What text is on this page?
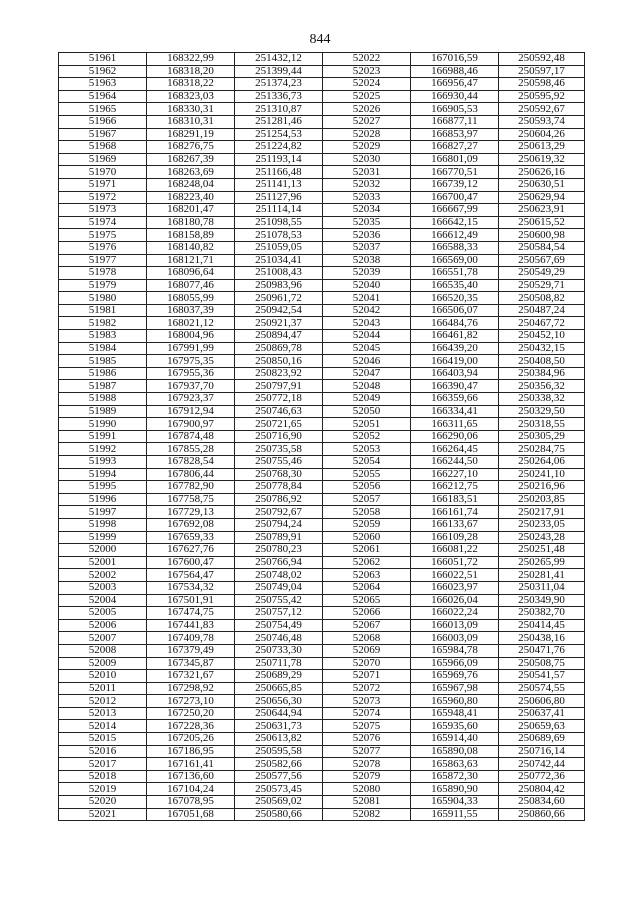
844
51961	168322,99	251432,12	52022	167016,59	250592,48
51962	168318,20	251399,44	52023	166988,46	250597,17
51963	168318,22	251374,23	52024	166956,47	250598,46
51964	168323,03	251336,73	52025	166930,44	250595,92
51965	168330,31	251310,87	52026	166905,53	250592,67
51966	168310,31	251281,46	52027	166877,11	250593,74
51967	168291,19	251254,53	52028	166853,97	250604,26
51968	168276,75	251224,82	52029	166827,27	250613,29
51969	168267,39	251193,14	52030	166801,09	250619,32
51970	168263,69	251166,48	52031	166770,51	250626,16
51971	168248,04	251141,13	52032	166739,12	250630,51
51972	168223,40	251127,96	52033	166700,47	250629,94
51973	168201,47	251114,14	52034	166667,99	250623,91
51974	168180,78	251098,55	52035	166642,15	250615,52
51975	168158,89	251078,53	52036	166612,49	250600,98
51976	168140,82	251059,05	52037	166588,33	250584,54
51977	168121,71	251034,41	52038	166569,00	250567,69
51978	168096,64	251008,43	52039	166551,78	250549,29
51979	168077,46	250983,96	52040	166535,40	250529,71
51980	168055,99	250961,72	52041	166520,35	250508,82
51981	168037,39	250942,54	52042	166506,07	250487,24
51982	168021,12	250921,37	52043	166484,76	250467,72
51983	168004,96	250894,47	52044	166461,82	250452,10
51984	167991,99	250869,78	52045	166439,20	250432,15
51985	167975,35	250850,16	52046	166419,00	250408,50
51986	167955,36	250823,92	52047	166403,94	250384,96
51987	167937,70	250797,91	52048	166390,47	250356,32
51988	167923,37	250772,18	52049	166359,66	250338,32
51989	167912,94	250746,63	52050	166334,41	250329,50
51990	167900,97	250721,65	52051	166311,65	250318,55
51991	167874,48	250716,90	52052	166290,06	250305,29
51992	167855,28	250735,58	52053	166264,45	250284,75
51993	167828,54	250755,46	52054	166244,50	250264,06
51994	167806,44	250768,30	52055	166227,10	250241,10
51995	167782,90	250778,84	52056	166212,75	250216,96
51996	167758,75	250786,92	52057	166183,51	250203,85
51997	167729,13	250792,67	52058	166161,74	250217,91
51998	167692,08	250794,24	52059	166133,67	250233,05
51999	167659,33	250789,91	52060	166109,28	250243,28
52000	167627,76	250780,23	52061	166081,22	250251,48
52001	167600,47	250766,94	52062	166051,72	250265,99
52002	167564,47	250748,02	52063	166022,51	250281,41
52003	167534,32	250749,04	52064	166023,97	250311,04
52004	167501,91	250755,42	52065	166026,04	250349,90
52005	167474,75	250757,12	52066	166022,24	250382,70
52006	167441,83	250754,49	52067	166013,09	250414,45
52007	167409,78	250746,48	52068	166003,09	250438,16
52008	167379,49	250733,30	52069	165984,78	250471,76
52009	167345,87	250711,78	52070	165966,09	250508,75
52010	167321,67	250689,29	52071	165969,76	250541,57
52011	167298,92	250665,85	52072	165967,98	250574,55
52012	167273,10	250656,30	52073	165960,80	250606,80
52013	167250,20	250644,94	52074	165948,41	250637,41
52014	167228,36	250631,73	52075	165935,60	250659,63
52015	167205,26	250613,82	52076	165914,40	250689,69
52016	167186,95	250595,58	52077	165890,08	250716,14
52017	167161,41	250582,66	52078	165863,63	250742,44
52018	167136,60	250577,56	52079	165872,30	250772,36
52019	167104,24	250573,45	52080	165890,90	250804,42
52020	167078,95	250569,02	52081	165904,33	250834,60
52021	167051,68	250580,66	52082	165911,55	250860,66
